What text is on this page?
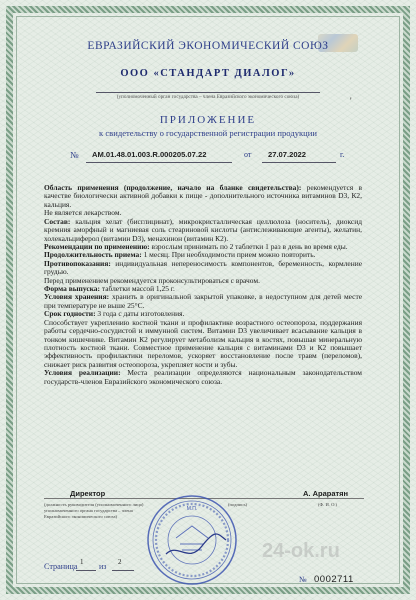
ЕВРАЗИЙСКИЙ ЭКОНОМИЧЕСКИЙ СОЮЗ
ООО «СТАНДАРТ ДИАЛОГ»
(уполномоченный орган государства – члена Евразийского экономического союза)	'
ПРИЛОЖЕНИЕ
к свидетельству о государственной регистрации продукции
№ AM.01.48.01.003.R.000205.07.22	от 27.07.2022	г.

Область применения (продолжение, начало на бланке свидетельства): рекомендуется в качестве биологически активной добавки к пище - дополнительного источника витаминов D3, К2, кальция.

Не является лекарством.

Состав: кальция хелат (бисглицинат), микрокристаллическая целлюлоза (носитель), диоксид кремния аморфный и магниевая соль стеариновой кислоты (антислеживающие агенты), желатин, холекальциферол (витамин D3), менахинон (витамин К2).

Рекомендации по применению: взрослым принимать по 2 таблетки 1 раз в день во время еды.

Продолжительность приема: 1 месяц. При необходимости прием можно повторить.

Противопоказания: индивидуальная непереносимость компонентов, беременность, кормление грудью.

Перед применением рекомендуется проконсультироваться с врачом.

Форма выпуска: таблетки массой 1,25 г.

Условия хранения: хранить в оригинальной закрытой упаковке, в недоступном для детей месте при температуре не выше 25°С.

Срок годности: 3 года с даты изготовления.

Способствует укреплению костной ткани и профилактике возрастного остеопороза, поддержания работы сердечно-сосудистой и иммунной систем. Витамин D3 увеличивает всасывание кальция в тонком кишечнике. Витамин К2 регулирует метаболизм кальция в костях, повышая минеральную плотность костной ткани. Совместное применение кальция с витаминами D3 и К2 повышает эффективность профилактики переломов, ускоряет восстановление после травм (переломов), снижает риск развития остеопороза, укрепляет кости и зубы.

Условия реализации: Места реализации определяются национальным законодательством государств-членов Евразийского экономического союза.

Директор	А. Араратян
(должность руководителя (уполномоченного лица) уполномоченного органа государства – члена Евразийского экономического союза)
(подпись)	(Ф. И. О.)
М.П.
24-ok.ru
Страница 1 из 2
№ 0002711
